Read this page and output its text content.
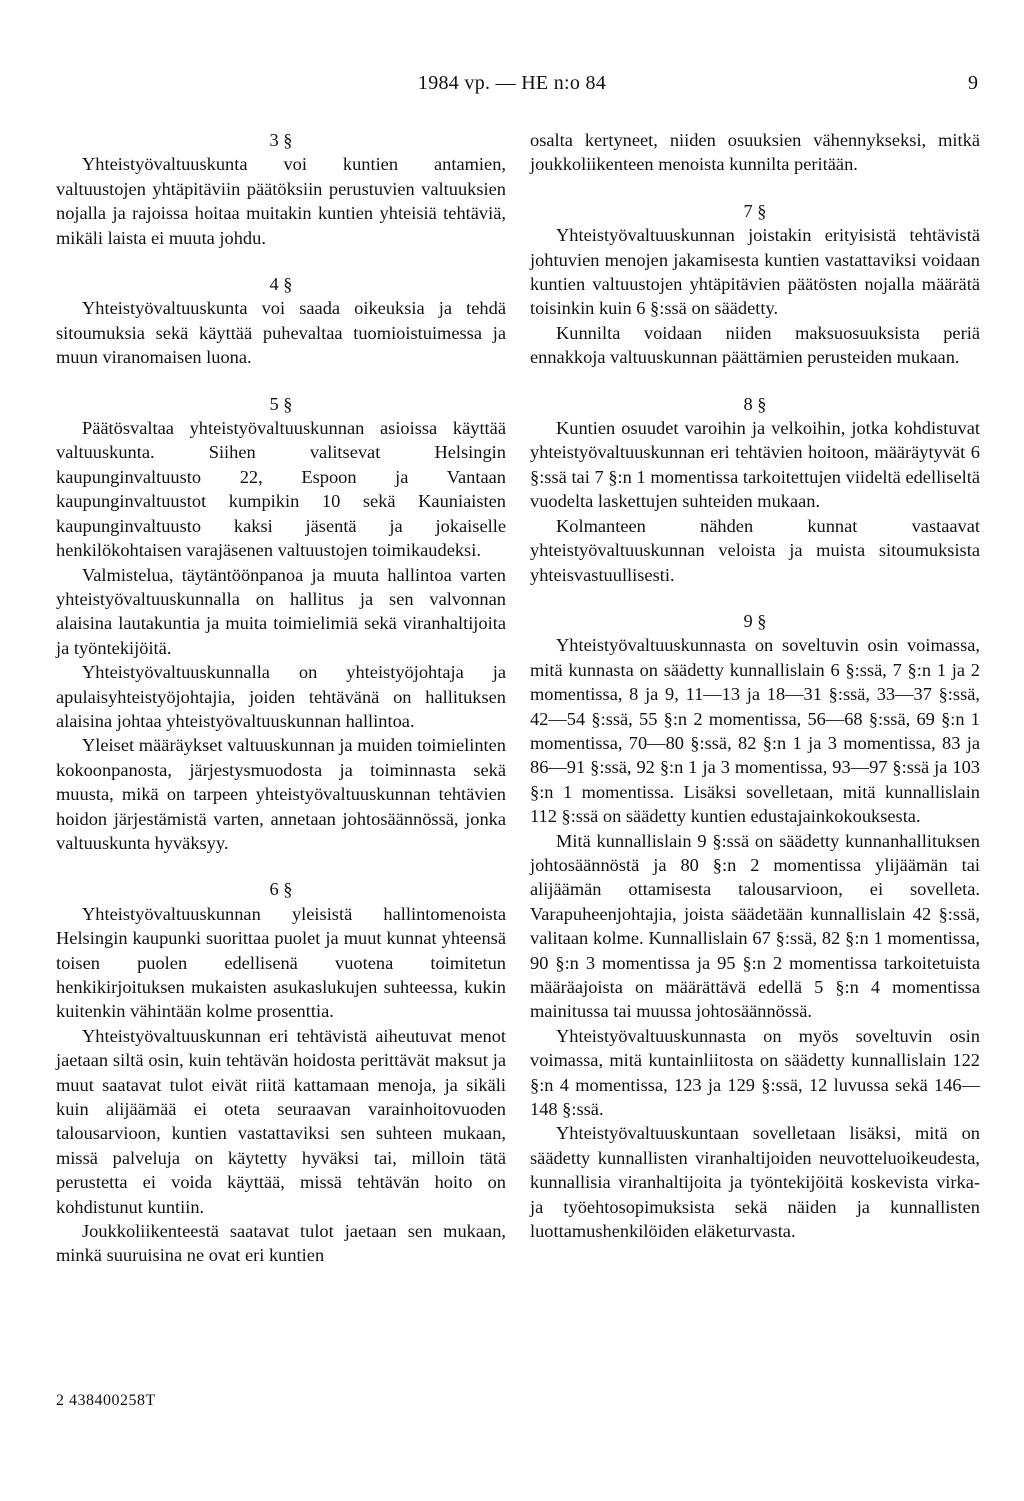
1984 vp. — HE n:o 84	9
3 §

Yhteistyövaltuuskunta voi kuntien antamien, valtuustojen yhtäpitäviin päätöksiin perustuvien valtuuksien nojalla ja rajoissa hoitaa muitakin kuntien yhteisiä tehtäviä, mikäli laista ei muuta johdu.

4 §

Yhteistyövaltuuskunta voi saada oikeuksia ja tehdä sitoumuksia sekä käyttää puhevaltaa tuomioistuimessa ja muun viranomaisen luona.

5 §

Päätösvaltaa yhteistyövaltuuskunnan asioissa käyttää valtuuskunta. Siihen valitsevat Helsingin kaupunginvaltuusto 22, Espoon ja Vantaan kaupunginvaltuustot kumpikin 10 sekä Kauniaisten kaupunginvaltuusto kaksi jäsentä ja jokaiselle henkilökohtaisen varajäsenen valtuustojen toimikaudeksi.

Valmistelua, täytäntöönpanoa ja muuta hallintoa varten yhteistyövaltuuskunnalla on hallitus ja sen valvonnan alaisina lautakuntia ja muita toimielimiä sekä viranhaltijoita ja työntekijöitä.

Yhteistyövaltuuskunnalla on yhteistyöjohtaja ja apulaisyhteistyöjohtajia, joiden tehtävänä on hallituksen alaisina johtaa yhteistyövaltuuskunnan hallintoa.

Yleiset määräykset valtuuskunnan ja muiden toimielinten kokoonpanosta, järjestysmuodosta ja toiminnasta sekä muusta, mikä on tarpeen yhteistyövaltuuskunnan tehtävien hoidon järjestämistä varten, annetaan johtosäännössä, jonka valtuuskunta hyväksyy.

6 §

Yhteistyövaltuuskunnan yleisistä hallintomenoista Helsingin kaupunki suorittaa puolet ja muut kunnat yhteensä toisen puolen edellisenä vuotena toimitetun henkikirjoituksen mukaisten asukaslukujen suhteessa, kukin kuitenkin vähintään kolme prosenttia.

Yhteistyövaltuuskunnan eri tehtävistä aiheutuvat menot jaetaan siltä osin, kuin tehtävän hoidosta perittävät maksut ja muut saatavat tulot eivät riitä kattamaan menoja, ja sikäli kuin alijäämää ei oteta seuraavan varainhoitovuoden talousarvioon, kuntien vastattaviksi sen suhteen mukaan, missä palveluja on käytetty hyväksi tai, milloin tätä perustetta ei voida käyttää, missä tehtävän hoito on kohdistunut kuntiin.

Joukkoliikenteestä saatavat tulot jaetaan sen mukaan, minkä suuruisina ne ovat eri kuntien

osalta kertyneet, niiden osuuksien vähennykseksi, mitkä joukkoliikenteen menoista kunnilta peritään.

7 §

Yhteistyövaltuuskunnan joistakin erityisistä tehtävistä johtuvien menojen jakamisesta kuntien vastattaviksi voidaan kuntien valtuustojen yhtäpitävien päätösten nojalla määrätä toisinkin kuin 6 §:ssä on säädetty.

Kunnilta voidaan niiden maksuosuuksista periä ennakkoja valtuuskunnan päättämien perusteiden mukaan.

8 §

Kuntien osuudet varoihin ja velkoihin, jotka kohdistuvat yhteistyövaltuuskunnan eri tehtävien hoitoon, määräytyvät 6 §:ssä tai 7 §:n 1 momentissa tarkoitettujen viideltä edelliseltä vuodelta laskettujen suhteiden mukaan.

Kolmanteen nähden kunnat vastaavat yhteistyövaltuuskunnan veloista ja muista sitoumuksista yhteisvastuullisesti.

9 §

Yhteistyövaltuuskunnasta on soveltuvin osin voimassa, mitä kunnasta on säädetty kunnallislain 6 §:ssä, 7 §:n 1 ja 2 momentissa, 8 ja 9, 11—13 ja 18—31 §:ssä, 33—37 §:ssä, 42—54 §:ssä, 55 §:n 2 momentissa, 56—68 §:ssä, 69 §:n 1 momentissa, 70—80 §:ssä, 82 §:n 1 ja 3 momentissa, 83 ja 86—91 §:ssä, 92 §:n 1 ja 3 momentissa, 93—97 §:ssä ja 103 §:n 1 momentissa. Lisäksi sovelletaan, mitä kunnallislain 112 §:ssä on säädetty kuntien edustajainkokouksesta.

Mitä kunnallislain 9 §:ssä on säädetty kunnanhallituksen johtosäännöstä ja 80 §:n 2 momentissa ylijäämän tai alijäämän ottamisesta talousarvioon, ei sovelleta. Varapuheenjohtajia, joista säädetään kunnallislain 42 §:ssä, valitaan kolme. Kunnallislain 67 §:ssä, 82 §:n 1 momentissa, 90 §:n 3 momentissa ja 95 §:n 2 momentissa tarkoitetuista määräajoista on määrättävä edellä 5 §:n 4 momentissa mainitussa tai muussa johtosäännössä.

Yhteistyövaltuuskunnasta on myös soveltuvin osin voimassa, mitä kuntainliitosta on säädetty kunnallislain 122 §:n 4 momentissa, 123 ja 129 §:ssä, 12 luvussa sekä 146—148 §:ssä.

Yhteistyövaltuuskuntaan sovelletaan lisäksi, mitä on säädetty kunnallisten viranhaltijoiden neuvotteluoikeudesta, kunnallisia viranhaltijoita ja työntekijöitä koskevista virka- ja työehtosopimuksista sekä näiden ja kunnallisten luottamushenkilöiden eläketurvasta.

2 438400258T
